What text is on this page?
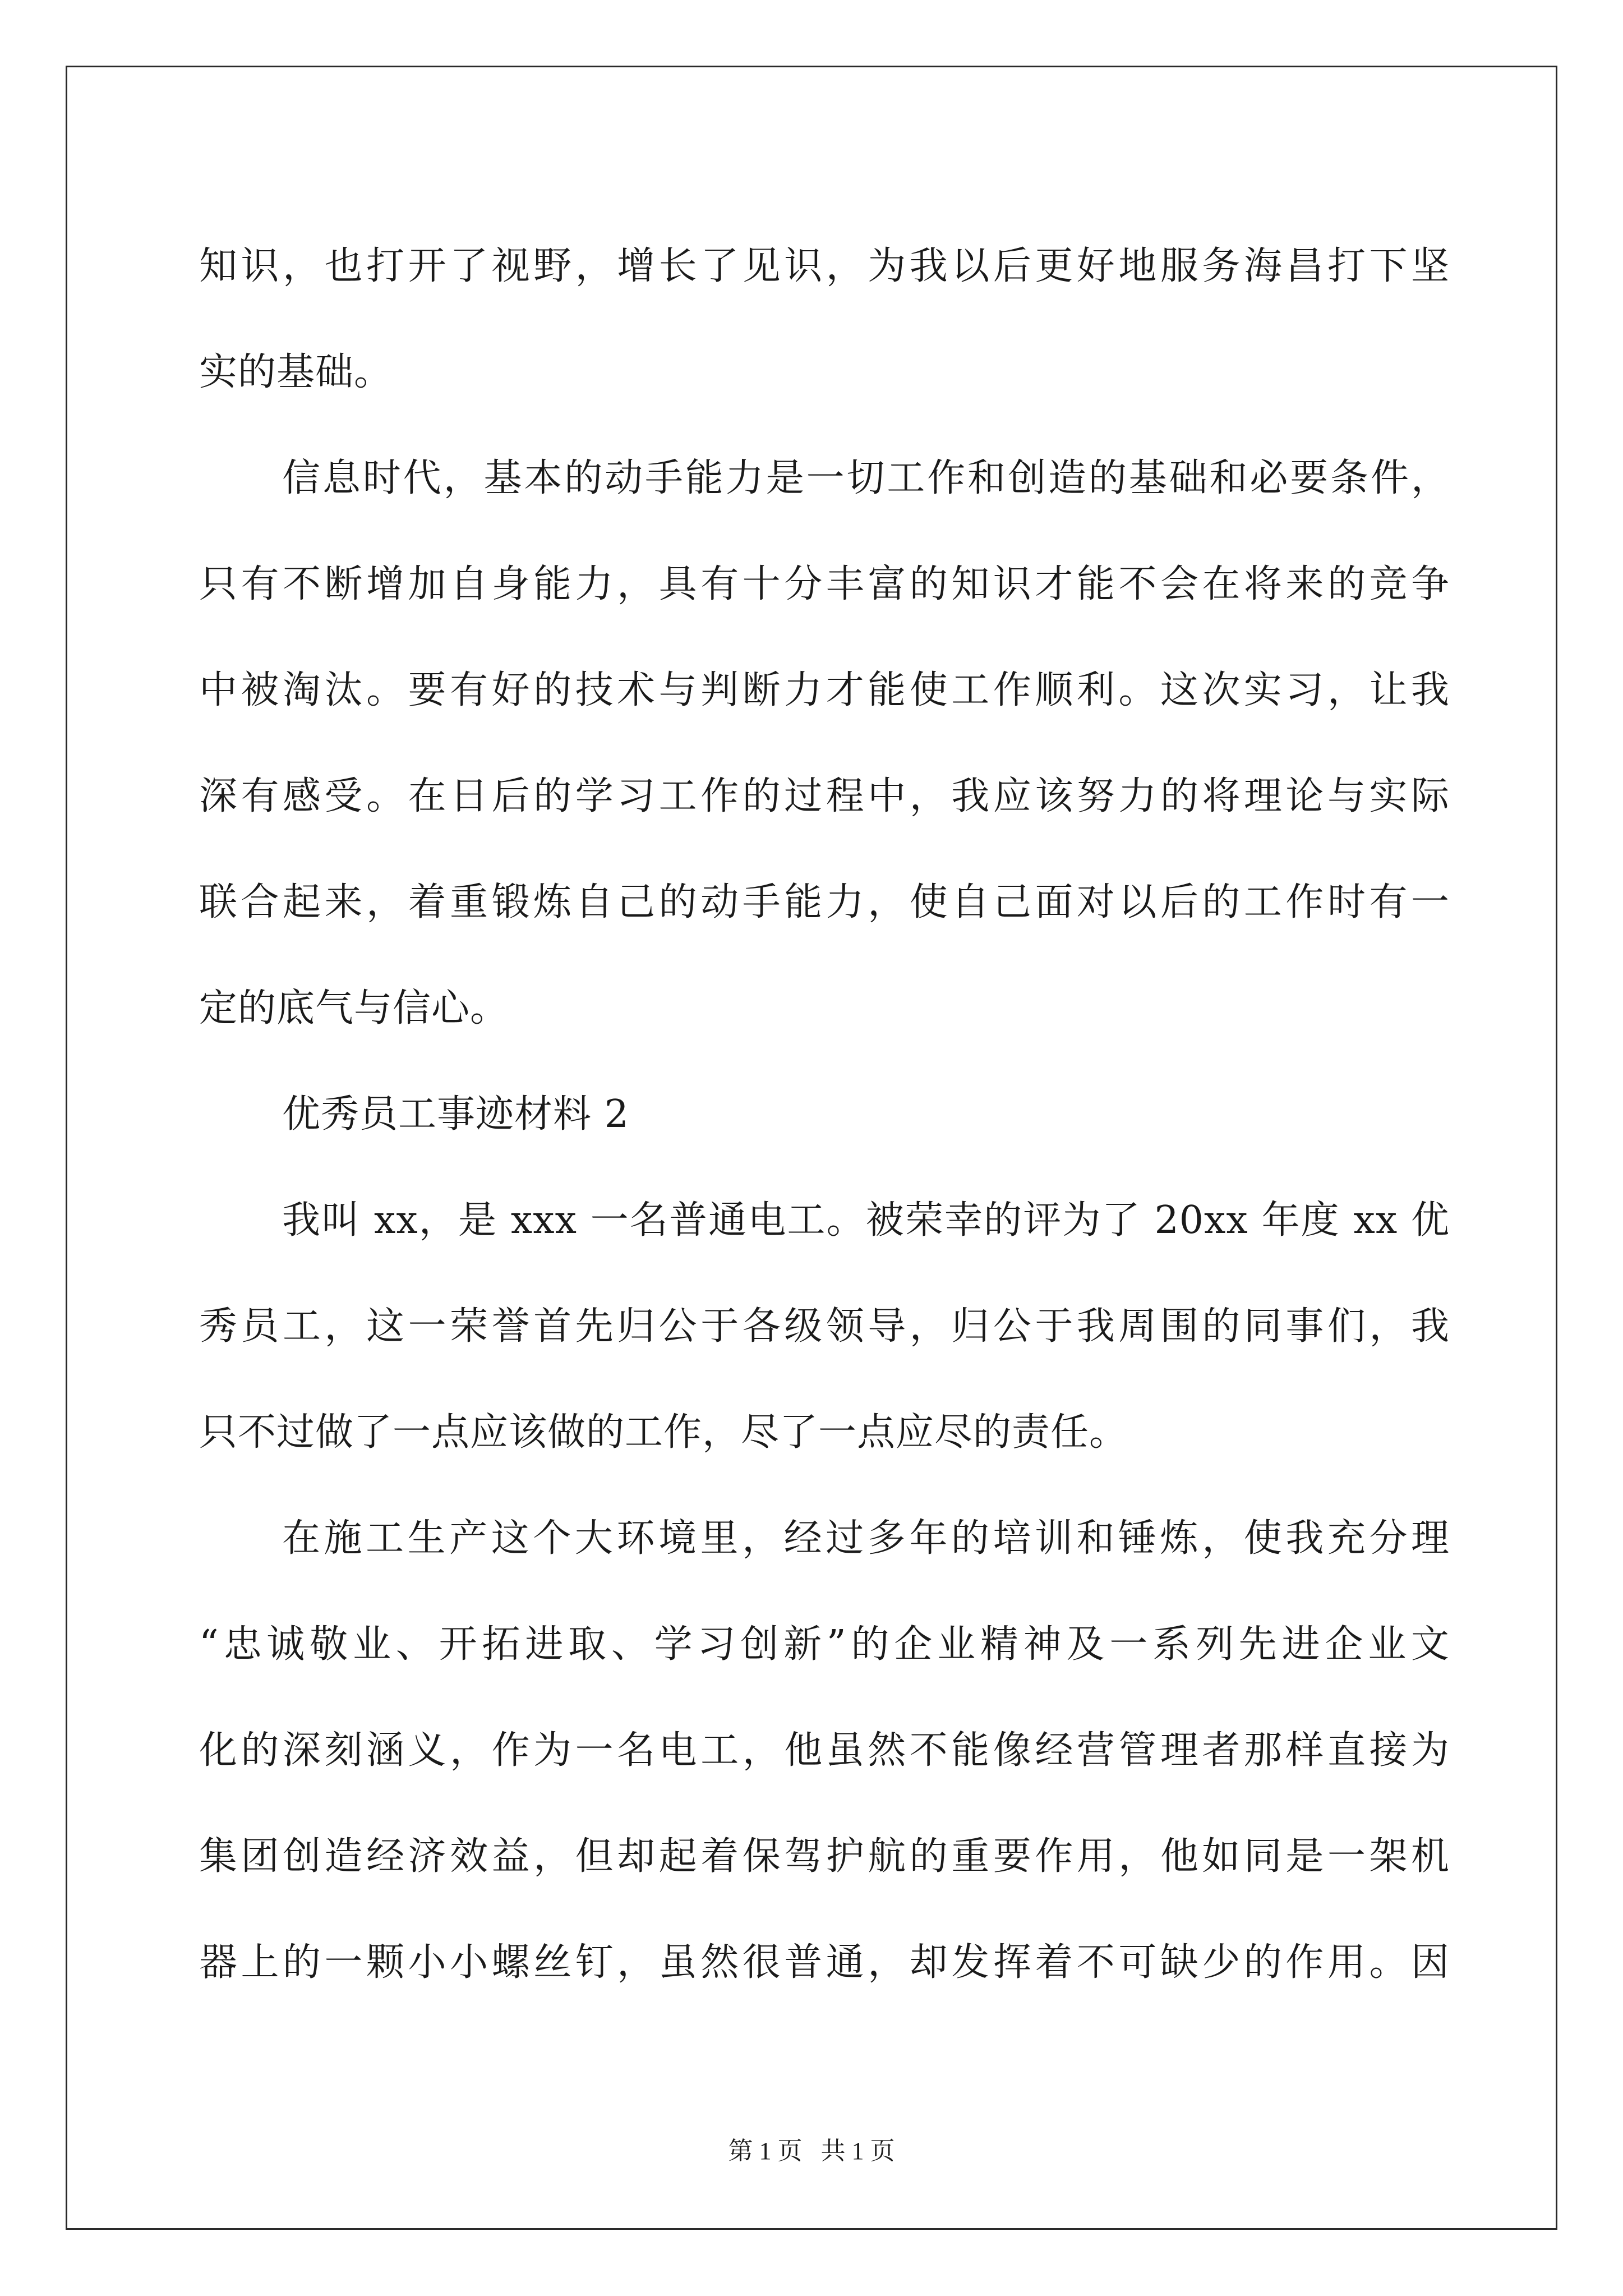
知识，也打开了视野，增长了见识，为我以后更好地服务海昌打下坚
实的基础。
信息时代，基本的动手能力是一切工作和创造的基础和必要条件，
只有不断增加自身能力，具有十分丰富的知识才能不会在将来的竞争
中被淘汰。要有好的技术与判断力才能使工作顺利。这次实习，让我
深有感受。在日后的学习工作的过程中，我应该努力的将理论与实际
联合起来，着重锻炼自己的动手能力，使自己面对以后的工作时有一
定的底气与信心。
优秀员工事迹材料 2
我叫 xx，是 xxx 一名普通电工。被荣幸的评为了 20xx 年度 xx 优
秀员工，这一荣誉首先归公于各级领导，归公于我周围的同事们，我
只不过做了一点应该做的工作，尽了一点应尽的责任。
在施工生产这个大环境里，经过多年的培训和锤炼，使我充分理
“忠诚敬业、开拓进取、学习创新”的企业精神及一系列先进企业文
化的深刻涵义，作为一名电工，他虽然不能像经营管理者那样直接为
集团创造经济效益，但却起着保驾护航的重要作用，他如同是一架机
器上的一颗小小螺丝钉，虽然很普通，却发挥着不可缺少的作用。因
第 1 页   共 1 页
